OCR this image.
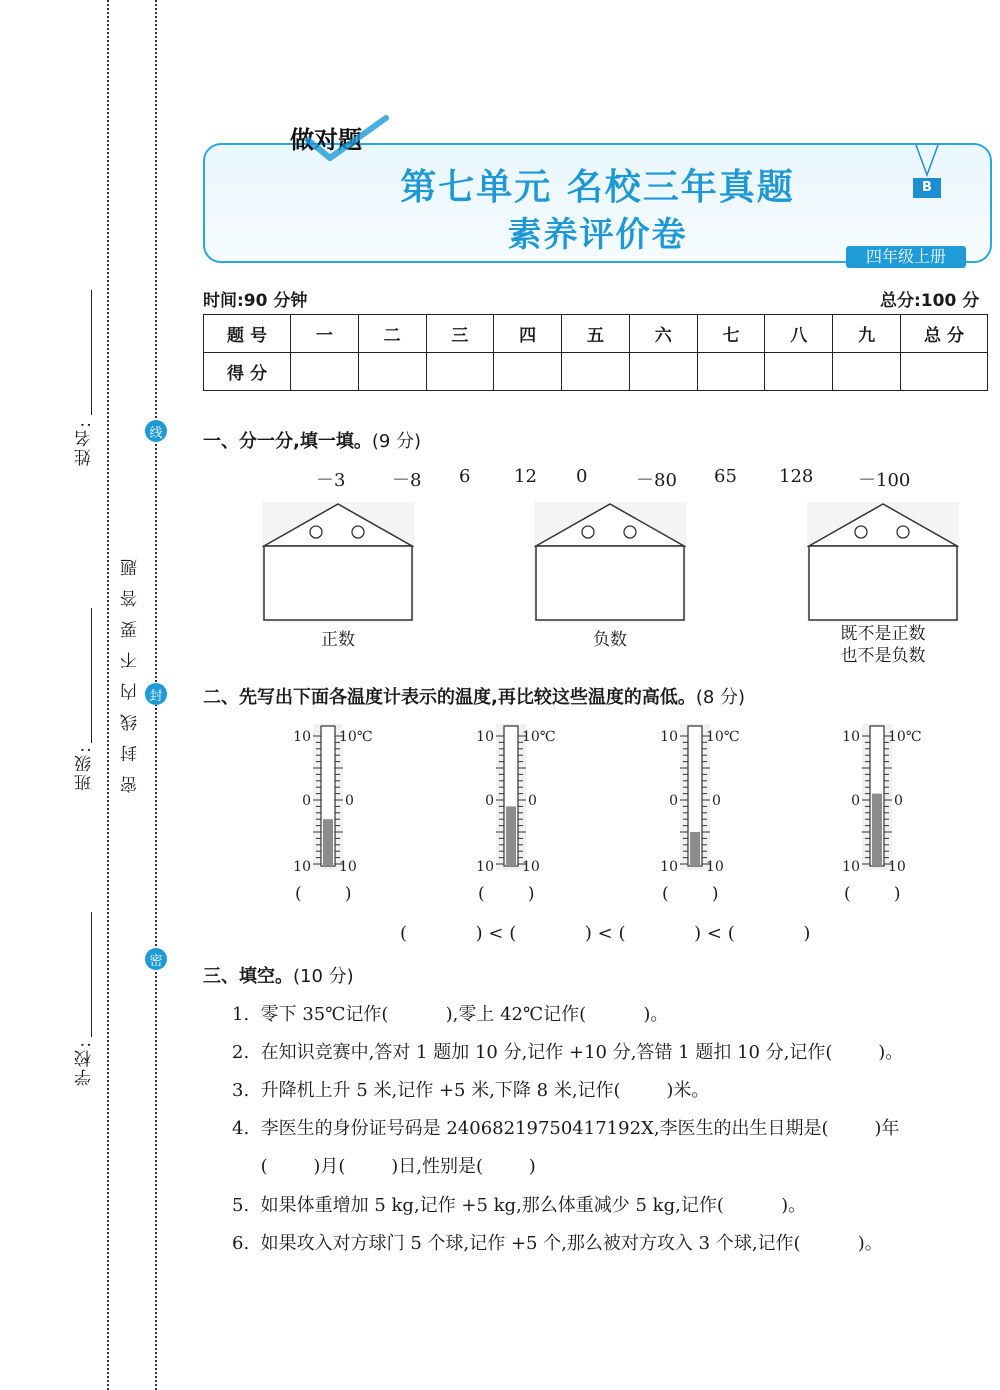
姓名:
班级:
学校:
密封线内不要答题
线
封
密
第七单元 名校三年真题
素养评价卷
做对题
B
四年级上册
时间:90 分钟	总分:100 分
题 号	一	二	三	四	五	六	七	八	九	总 分
得 分										
一、分一分,填一填。(9 分)
－3	－8 6 12 0	－80 65 128 －100
正数	负数	既不是正数
也不是负数
二、先写出下面各温度计表示的温度,再比较这些温度的高低。(8 分)
10 10℃
0 0
10 10
(        )
10 10℃
0 0
10 10
(        )
10 10℃
0 0
10 10
(        )
10 10℃
0 0
10 10
(        )
(            ) < (            ) < (            ) < (            )
三、填空。(10 分)
1.  零下 35℃记作(          ),零上 42℃记作(          )。
2.  在知识竞赛中,答对 1 题加 10 分,记作 +10 分,答错 1 题扣 10 分,记作(        )。
3.  升降机上升 5 米,记作 +5 米,下降 8 米,记作(        )米。
4.  李医生的身份证号码是 24068219750417192X,李医生的出生日期是(        )年
(        )月(        )日,性别是(        )
5.  如果体重增加 5 kg,记作 +5 kg,那么体重减少 5 kg,记作(          )。
6.  如果攻入对方球门 5 个球,记作 +5 个,那么被对方攻入 3 个球,记作(          )。
